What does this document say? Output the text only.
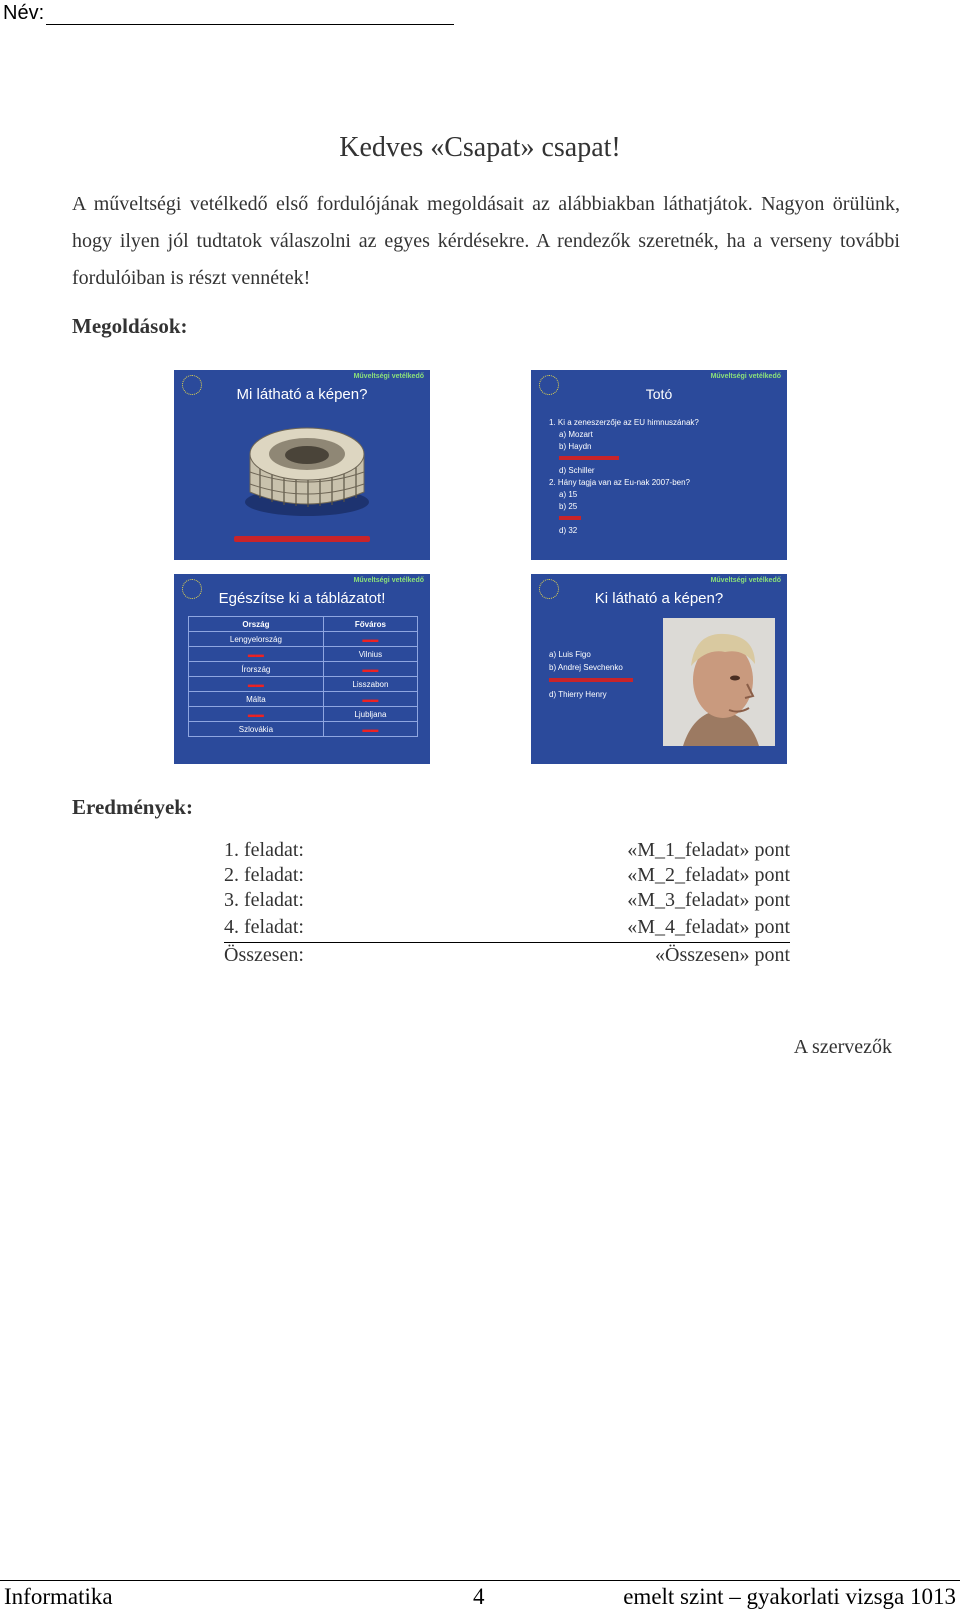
Név:
Kedves «Csapat» csapat!
A műveltségi vetélkedő első fordulójának megoldásait az alábbiakban láthatjátok. Nagyon örülünk, hogy ilyen jól tudtatok válaszolni az egyes kérdésekre. A rendezők szeretnék, ha a verseny további fordulóiban is részt vennétek!
Megoldások:
Műveltségi vetélkedő
Mi látható a képen?
Műveltségi vetélkedő
Totó
1. Ki a zeneszerzője az EU himnuszának?
a) Mozart
b) Haydn
d) Schiller
2. Hány tagja van az Eu-nak 2007-ben?
a) 15
b) 25
d) 32
Műveltségi vetélkedő
Egészítse ki a táblázatot!
Ország	Főváros
Lengyelország	▬▬
▬▬	Vilnius
Írország	▬▬
▬▬	Lisszabon
Málta	▬▬
▬▬	Ljubljana
Szlovákia	▬▬
Műveltségi vetélkedő
Ki látható a képen?
a) Luis Figo
b) Andrej Sevchenko
d) Thierry Henry
Eredmények:
1. feladat:	«M_1_feladat» pont
2. feladat:	«M_2_feladat» pont
3. feladat:	«M_3_feladat» pont
4. feladat:	«M_4_feladat» pont
Összesen:	«Összesen» pont
A szervezők
Informatika	4	emelt szint – gyakorlati vizsga 1013
